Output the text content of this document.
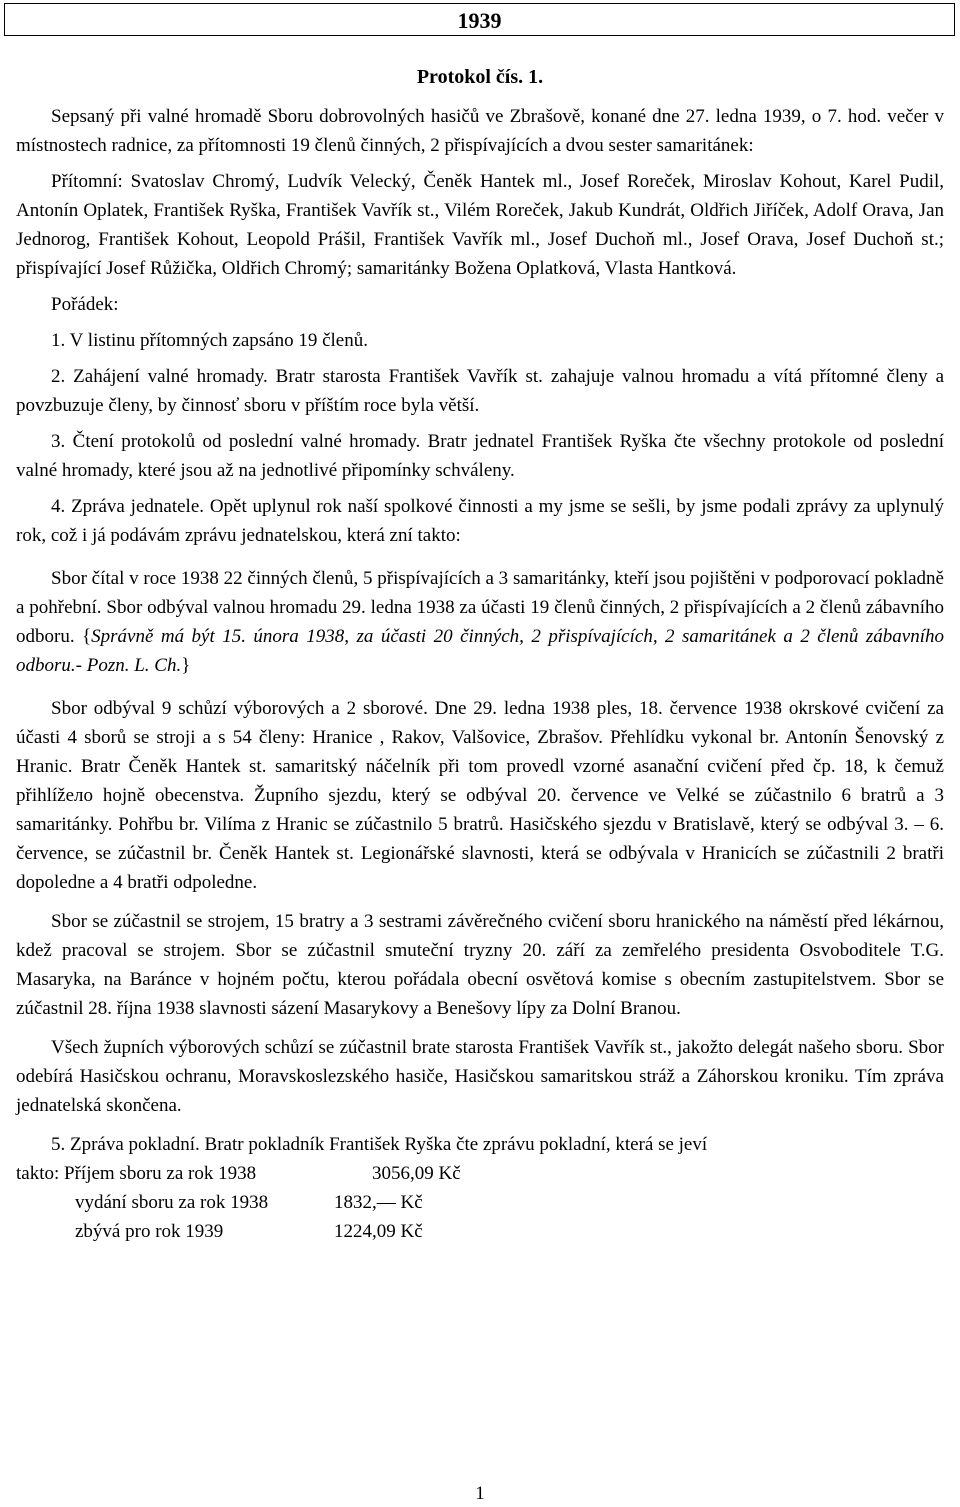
1939
Protokol čís. 1.

Sepsaný při valné hromadě Sboru dobrovolných hasičů ve Zbrašově, konané dne 27. ledna 1939, o 7. hod. večer v místnostech radnice, za přítomnosti 19 členů činných, 2 přispívajících a dvou sester samaritánek:

Přítomní: Svatoslav Chromý, Ludvík Velecký, Čeněk Hantek ml., Josef Roreček, Miroslav Kohout, Karel Pudil, Antonín Oplatek, František Ryška, František Vavřík st., Vilém Roreček, Jakub Kundrát, Oldřich Jiříček, Adolf Orava, Jan Jednorog, František Kohout, Leopold Prášil, František Vavřík ml., Josef Duchoň ml., Josef Orava, Josef Duchoň st.; přispívající Josef Růžička, Oldřich Chromý; samaritánky Božena Oplatková, Vlasta Hantková.

Pořádek:

1. V listinu přítomných zapsáno 19 členů.

2. Zahájení valné hromady. Bratr starosta František Vavřík st. zahajuje valnou hromadu a vítá přítomné členy a povzbuzuje členy, by činnosť sboru v příštím roce byla větší.

3. Čtení protokolů od poslední valné hromady. Bratr jednatel František Ryška čte všechny protokole od poslední valné hromady, které jsou až na jednotlivé připomínky schváleny.

4. Zpráva jednatele. Opět uplynul rok naší spolkové činnosti a my jsme se sešli, by jsme podali zprávy za uplynulý rok, což i já podávám zprávu jednatelskou, která zní takto:

Sbor čítal v roce 1938 22 činných členů, 5 přispívajících a 3 samaritánky, kteří jsou pojištěni v podporovací pokladně a pohřební. Sbor odbýval valnou hromadu 29. ledna 1938 za účasti 19 členů činných, 2 přispívajících a 2 členů zábavního odboru. {Správně má být 15. února 1938, za účasti 20 činných, 2 přispívajících, 2 samaritánek a 2 členů zábavního odboru.- Pozn. L. Ch.}

Sbor odbýval 9 schůzí výborových a 2 sborové. Dne 29. ledna 1938 ples, 18. července 1938 okrskové cvičení za účasti 4 sborů se stroji a s 54 členy: Hranice , Rakov, Valšovice, Zbrašov. Přehlídku vykonal br. Antonín Šenovský z Hranic. Bratr Čeněk Hantek st. samaritský náčelník při tom provedl vzorné asanační cvičení před čp. 18, k čemuž přihlížело hojně obecenstva. Župního sjezdu, který se odbýval 20. července ve Velké se zúčastnilo 6 bratrů a 3 samaritánky. Pohřbu br. Vilíma z Hranic se zúčastnilo 5 bratrů. Hasičského sjezdu v Bratislavě, který se odbýval 3. – 6. července, se zúčastnil br. Čeněk Hantek st. Legionářské slavnosti, která se odbývala v Hranicích se zúčastnili 2 bratři dopoledne a 4 bratři odpoledne.

Sbor se zúčastnil se strojem, 15 bratry a 3 sestrami závěrečného cvičení sboru hranického na náměstí před lékárnou, kdež pracoval se strojem. Sbor se zúčastnil smuteční tryzny 20. září za zemřelého presidenta Osvoboditele T.G. Masaryka, na Baránce v hojném počtu, kterou pořádala obecní osvětová komise s obecním zastupitelstvem. Sbor se zúčastnil 28. října 1938 slavnosti sázení Masarykovy a Benešovy lípy za Dolní Branou.

Všech župních výborových schůzí se zúčastnil brate starosta František Vavřík st., jakožto delegát našeho sboru. Sbor odebírá Hasičskou ochranu, Moravskoslezského hasiče, Hasičskou samaritskou stráž a Záhorskou kroniku. Tím zpráva jednatelská skončena.

5. Zpráva pokladní. Bratr pokladník František Ryška čte zprávu pokladní, která se jeví

takto: Příjem sboru za rok 1938	3056,09 Kč
vydání sboru za rok 1938	1832,— Kč
zbývá pro rok 1939	1224,09 Kč
1
